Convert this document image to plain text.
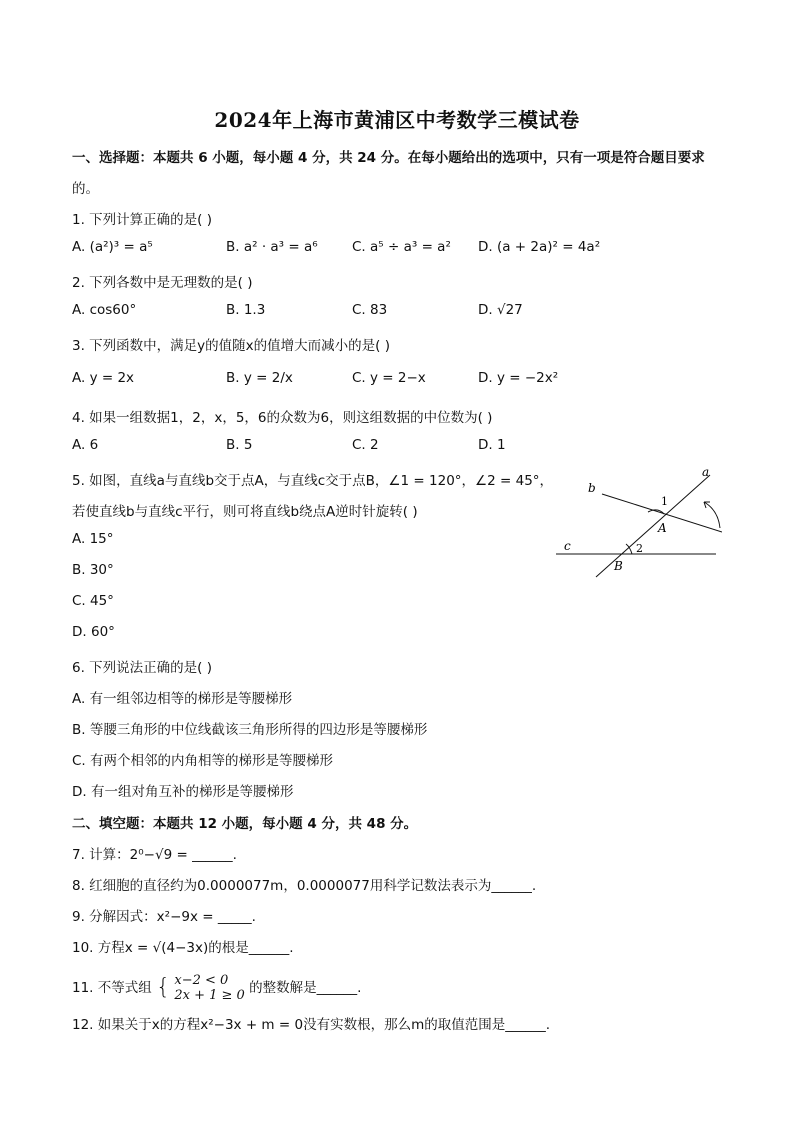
2024年上海市黄浦区中考数学三模试卷
一、选择题：本题共 6 小题，每小题 4 分，共 24 分。在每小题给出的选项中，只有一项是符合题目要求
的。
1. 下列计算正确的是( )
A. (a²)³ = a⁵	B. a² · a³ = a⁶	C. a⁵ ÷ a³ = a² D. (a + 2a)² = 4a²
2. 下列各数中是无理数的是( )
A. cos60°	B. 1.3	C. 83	D. √27
3. 下列函数中，满足y的值随x的值增大而减小的是( )
A. y = 2x	B. y = 2/x	C. y = 2−x	D. y = −2x²
4. 如果一组数据1，2，x，5，6的众数为6，则这组数据的中位数为( )
A. 6	B. 5	C. 2	D. 1
5. 如图，直线a与直线b交于点A，与直线c交于点B，∠1 = 120°，∠2 = 45°，
若使直线b与直线c平行，则可将直线b绕点A逆时针旋转( )
A. 15°
B. 30°
C. 45°
D. 60°
a
b
c
A
B
1
2
6. 下列说法正确的是( )
A. 有一组邻边相等的梯形是等腰梯形
B. 等腰三角形的中位线截该三角形所得的四边形是等腰梯形
C. 有两个相邻的内角相等的梯形是等腰梯形
D. 有一组对角互补的梯形是等腰梯形
二、填空题：本题共 12 小题，每小题 4 分，共 48 分。
7. 计算：2⁰−√9 = ______.
8. 红细胞的直径约为0.0000077m，0.0000077用科学记数法表示为______.
9. 分解因式：x²−9x = _____.
10. 方程x = √(4−3x)的根是______.
11. 不等式组 { x−2 < 0
2x + 1 ≥ 0 的整数解是______.
12. 如果关于x的方程x²−3x + m = 0没有实数根，那么m的取值范围是______.
